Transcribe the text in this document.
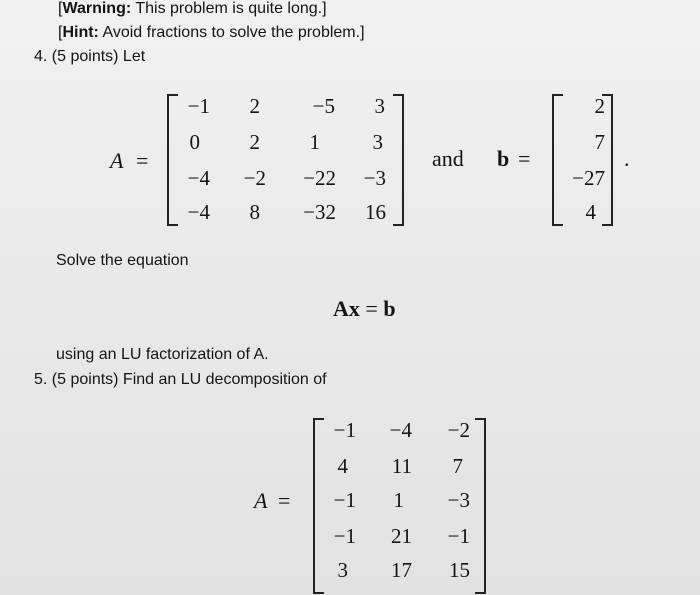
[Warning: This problem is quite long.]
[Hint: Avoid fractions to solve the problem.]
4. (5 points) Let
A =
−1	2	−5	3
0	2	1	3
−4	−2	−22	−3
−4	8	−32	16
and b =
2
7
−27
4
.
Solve the equation
Ax = b
using an LU factorization of A.
5. (5 points) Find an LU decomposition of
A =
−1	−4	−2
4	11	7
−1	1	−3
−1	21	−1
3	17	15
